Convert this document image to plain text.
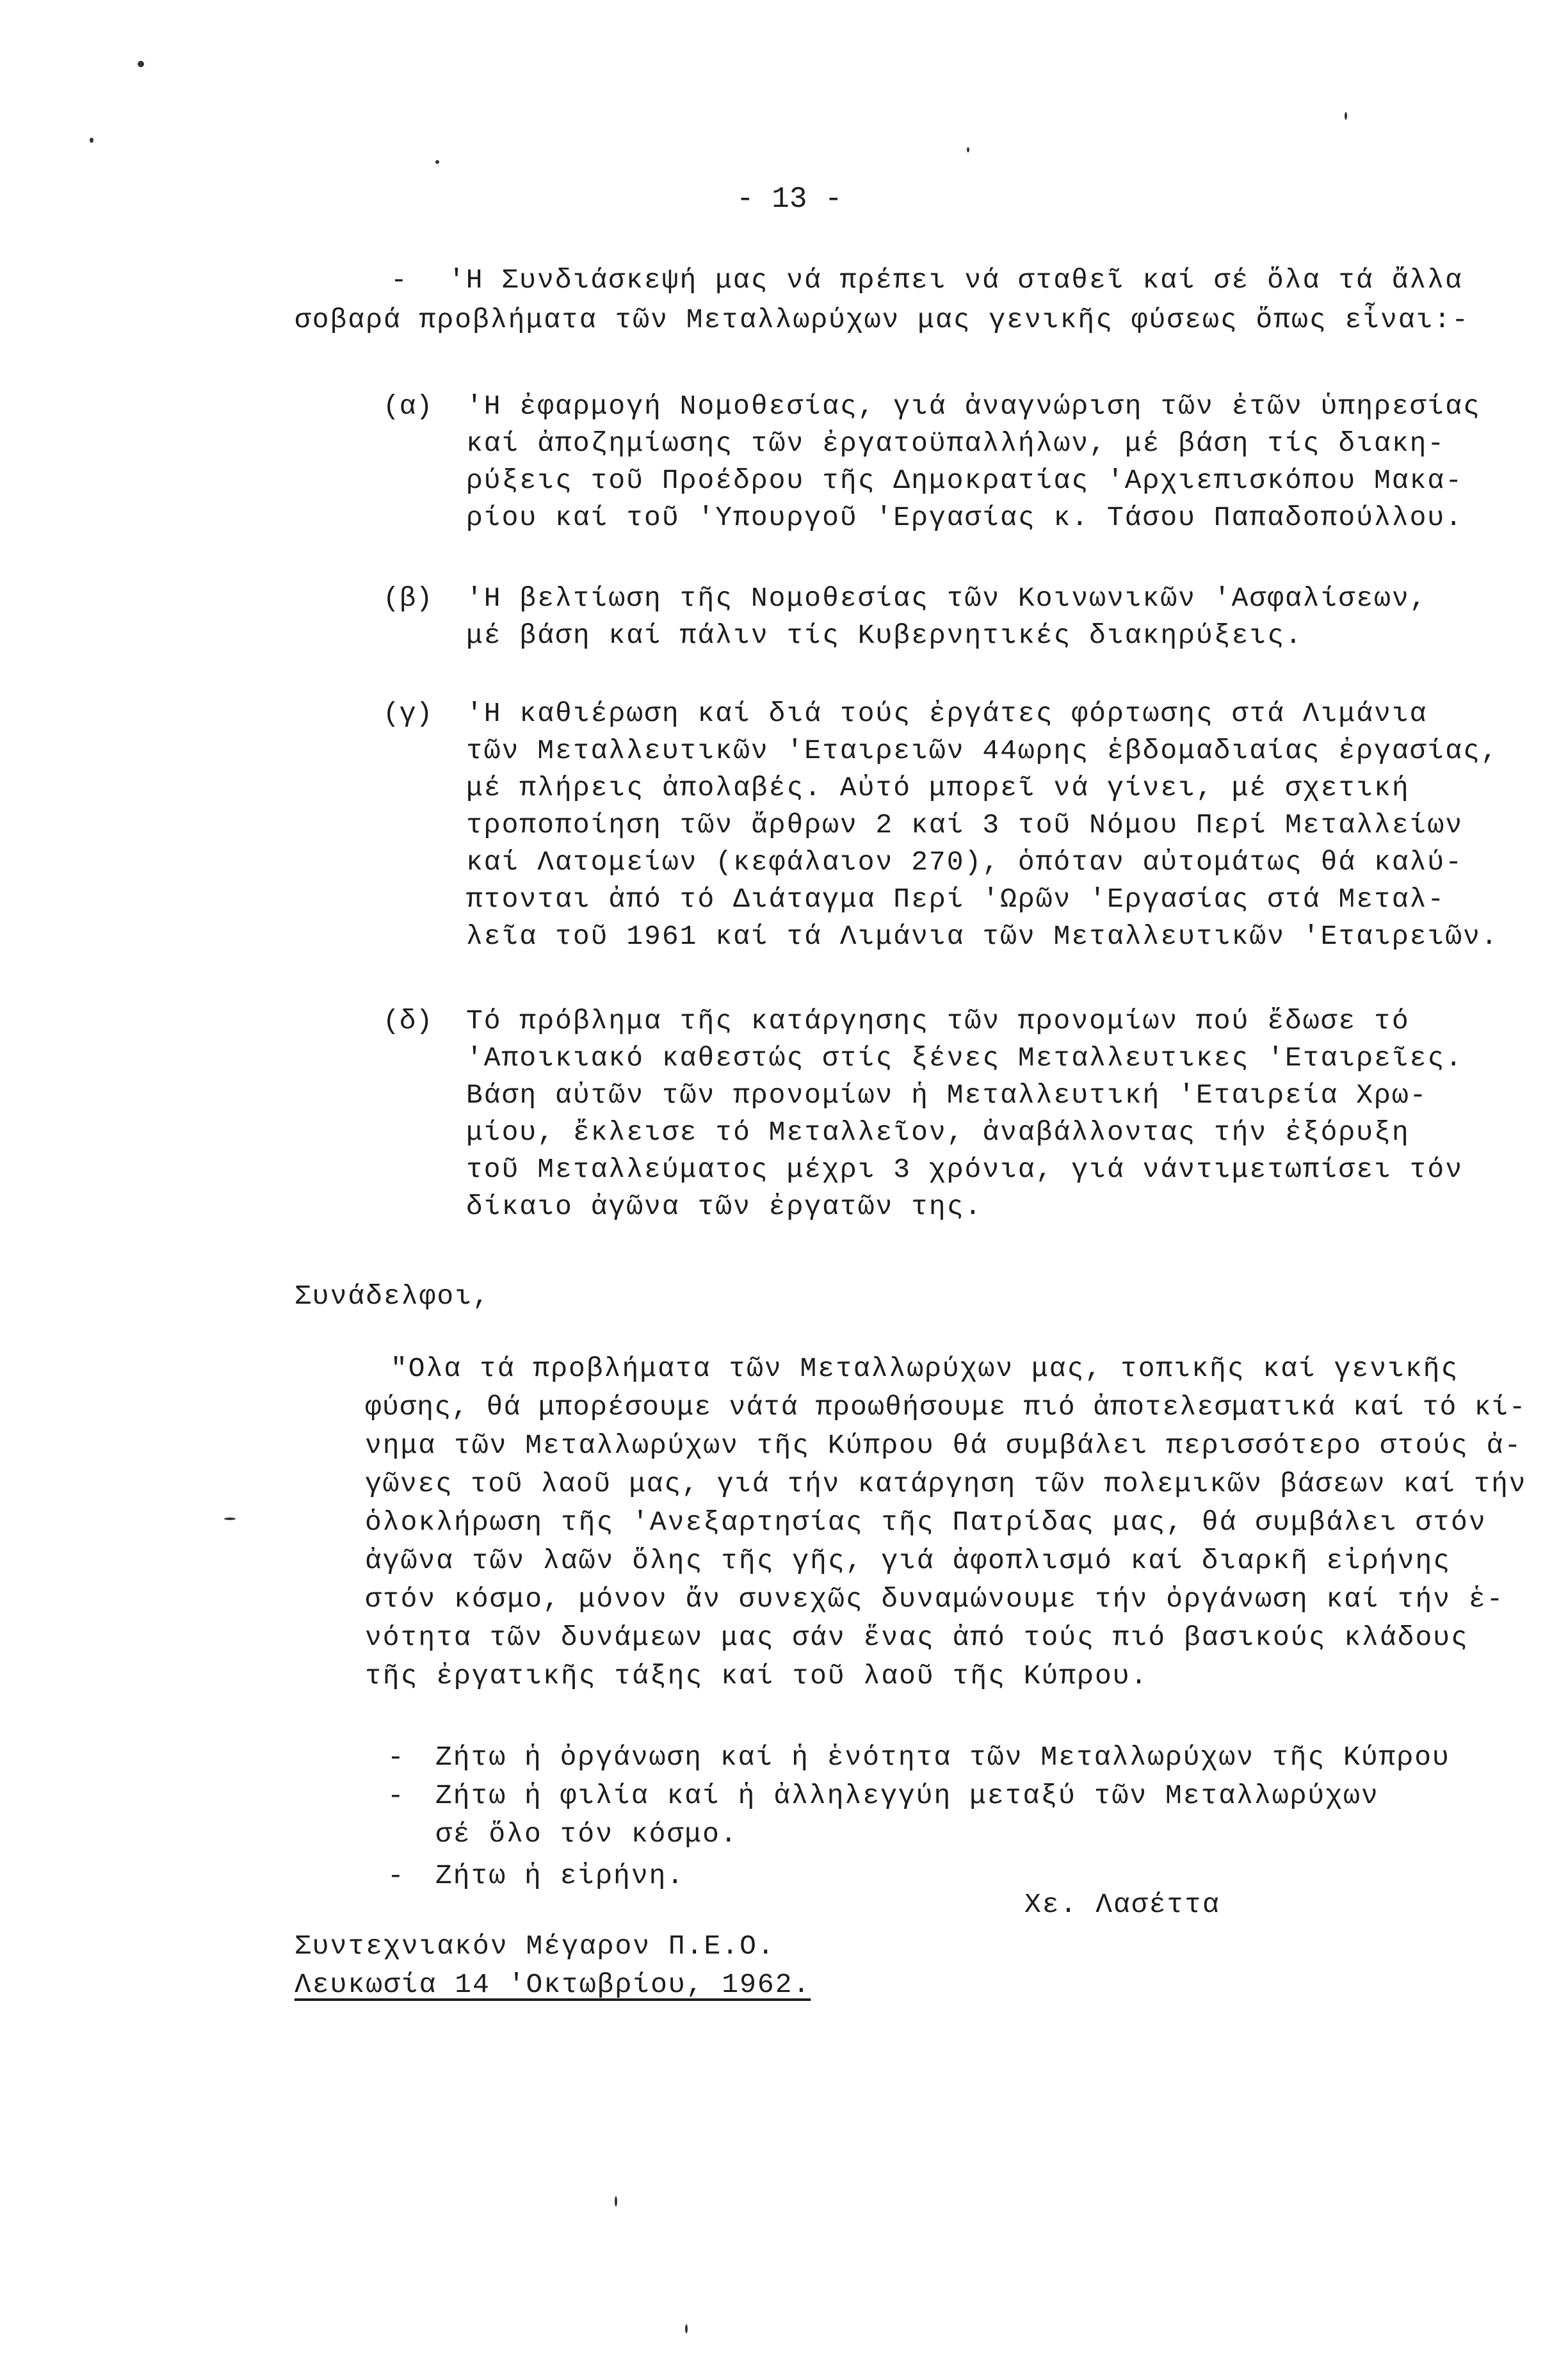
- 13 -
- 'Η Συνδιάσκεψή μας νά πρέπει νά σταθεῖ καί σέ ὅλα τά ἄλλα
σοβαρά προβλήματα τῶν Μεταλλωρύχων μας γενικῆς φύσεως ὅπως εἶναι:-
(α) 'Η ἐφαρμογή Νομοθεσίας, γιά ἀναγνώριση τῶν ἐτῶν ὑπηρεσίας
καί ἀποζημίωσης τῶν ἐργατοϋπαλλήλων, μέ βάση τίς διακη-
ρύξεις τοῦ Προέδρου τῆς Δημοκρατίας 'Αρχιεπισκόπου Μακα-
ρίου καί τοῦ 'Υπουργοῦ 'Εργασίας κ. Τάσου Παπαδοπούλλου.
(β) 'Η βελτίωση τῆς Νομοθεσίας τῶν Κοινωνικῶν 'Ασφαλίσεων,
μέ βάση καί πάλιν τίς Κυβερνητικές διακηρύξεις.
(γ) 'Η καθιέρωση καί διά τούς ἐργάτες φόρτωσης στά Λιμάνια
τῶν Μεταλλευτικῶν 'Εταιρειῶν 44ωρης ἑβδομαδιαίας ἐργασίας,
μέ πλήρεις ἀπολαβές. Αὐτό μπορεῖ νά γίνει, μέ σχετική
τροποποίηση τῶν ἄρθρων 2 καί 3 τοῦ Νόμου Περί Μεταλλείων
καί Λατομείων (κεφάλαιον 270), ὁπόταν αὐτομάτως θά καλύ-
πτονται ἀπό τό Διάταγμα Περί 'Ωρῶν 'Εργασίας στά Μεταλ-
λεῖα τοῦ 1961 καί τά Λιμάνια τῶν Μεταλλευτικῶν 'Εταιρειῶν.
(δ) Τό πρόβλημα τῆς κατάργησης τῶν προνομίων πού ἔδωσε τό
'Αποικιακό καθεστώς στίς ξένες Μεταλλευτικες 'Εταιρεῖες.
Βάση αὐτῶν τῶν προνομίων ἡ Μεταλλευτική 'Εταιρεία Χρω-
μίου, ἔκλεισε τό Μεταλλεῖον, ἀναβάλλοντας τήν ἐξόρυξη
τοῦ Μεταλλεύματος μέχρι 3 χρόνια, γιά νάντιμετωπίσει τόν
δίκαιο ἀγῶνα τῶν ἐργατῶν της.
Συνάδελφοι,
"Ολα τά προβλήματα τῶν Μεταλλωρύχων μας, τοπικῆς καί γενικῆς
φύσης, θά μπορέσουμε νάτά προωθήσουμε πιό ἀποτελεσματικά καί τό κί-
νημα τῶν Μεταλλωρύχων τῆς Κύπρου θά συμβάλει περισσότερο στούς ἀ-
γῶνες τοῦ λαοῦ μας, γιά τήν κατάργηση τῶν πολεμικῶν βάσεων καί τήν
ὁλοκλήρωση τῆς 'Ανεξαρτησίας τῆς Πατρίδας μας, θά συμβάλει στόν
ἀγῶνα τῶν λαῶν ὅλης τῆς γῆς, γιά ἀφοπλισμό καί διαρκῆ εἰρήνης
στόν κόσμο, μόνον ἄν συνεχῶς δυναμώνουμε τήν ὀργάνωση καί τήν ἑ-
νότητα τῶν δυνάμεων μας σάν ἕνας ἀπό τούς πιό βασικούς κλάδους
τῆς ἐργατικῆς τάξης καί τοῦ λαοῦ τῆς Κύπρου.
- Ζήτω ἡ ὀργάνωση καί ἡ ἑνότητα τῶν Μεταλλωρύχων τῆς Κύπρου
- Ζήτω ἡ φιλία καί ἡ ἀλληλεγγύη μεταξύ τῶν Μεταλλωρύχων
σέ ὅλο τόν κόσμο.
- Ζήτω ἡ εἰρήνη.
Χε. Λασέττα
Συντεχνιακόν Μέγαρον Π.Ε.Ο.
Λευκωσία 14 'Οκτωβρίου, 1962.
